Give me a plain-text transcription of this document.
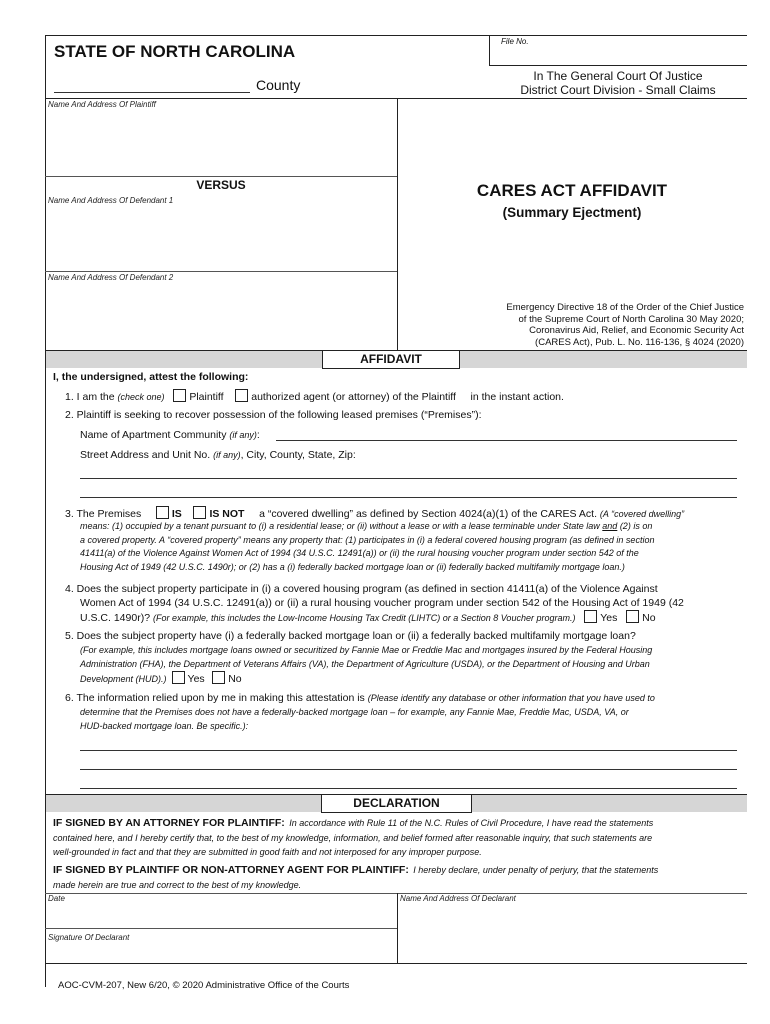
STATE OF NORTH CAROLINA
File No.
County
In The General Court Of Justice
District Court Division - Small Claims
Name And Address Of Plaintiff
VERSUS
Name And Address Of Defendant 1
Name And Address Of Defendant 2
CARES ACT AFFIDAVIT
(Summary Ejectment)
Emergency Directive 18 of the Order of the Chief Justice
of the Supreme Court of North Carolina 30 May 2020;
Coronavirus Aid, Relief, and Economic Security Act
(CARES Act), Pub. L. No. 116-136, § 4024 (2020)
AFFIDAVIT
I, the undersigned, attest the following:
1. I am the (check one) Plaintiff	authorized agent (or attorney) of the Plaintiff in the instant action.
2. Plaintiff is seeking to recover possession of the following leased premises (“Premises”):
Name of Apartment Community (if any):
Street Address and Unit No. (if any), City, County, State, Zip:
3. The Premises	IS	IS NOT a “covered dwelling” as defined by Section 4024(a)(1) of the CARES Act. (A “covered dwelling”
means: (1) occupied by a tenant pursuant to (i) a residential lease; or (ii) without a lease or with a lease terminable under State law and (2) is on
a covered property. A “covered property” means any property that: (1) participates in (i) a federal covered housing program (as defined in section
41411(a) of the Violence Against Women Act of 1994 (34 U.S.C. 12491(a)) or (ii) the rural housing voucher program under section 542 of the
Housing Act of 1949 (42 U.S.C. 1490r); or (2) has a (i) federally backed mortgage loan or (ii) federally backed multifamily mortgage loan.)
4. Does the subject property participate in (i) a covered housing program (as defined in section 41411(a) of the Violence Against
Women Act of 1994 (34 U.S.C. 12491(a)) or (ii) a rural housing voucher program under section 542 of the Housing Act of 1949 (42
U.S.C. 1490r)? (For example, this includes the Low-Income Housing Tax Credit (LIHTC) or a Section 8 Voucher program.) Yes No
5. Does the subject property have (i) a federally backed mortgage loan or (ii) a federally backed multifamily mortgage loan?
(For example, this includes mortgage loans owned or securitized by Fannie Mae or Freddie Mac and mortgages insured by the Federal Housing
Administration (FHA), the Department of Veterans Affairs (VA), the Department of Agriculture (USDA), or the Department of Housing and Urban
Development (HUD).) Yes No
6. The information relied upon by me in making this attestation is (Please identify any database or other information that you have used to
determine that the Premises does not have a federally-backed mortgage loan – for example, any Fannie Mae, Freddie Mac, USDA, VA, or
HUD-backed mortgage loan. Be specific.):
DECLARATION
IF SIGNED BY AN ATTORNEY FOR PLAINTIFF: In accordance with Rule 11 of the N.C. Rules of Civil Procedure, I have read the statements
contained here, and I hereby certify that, to the best of my knowledge, information, and belief formed after reasonable inquiry, that such statements are
well-grounded in fact and that they are submitted in good faith and not interposed for any improper purpose.
IF SIGNED BY PLAINTIFF OR NON-ATTORNEY AGENT FOR PLAINTIFF: I hereby declare, under penalty of perjury, that the statements
made herein are true and correct to the best of my knowledge.
Date	Name And Address Of Declarant
Signature Of Declarant
AOC-CVM-207, New 6/20, © 2020 Administrative Office of the Courts
